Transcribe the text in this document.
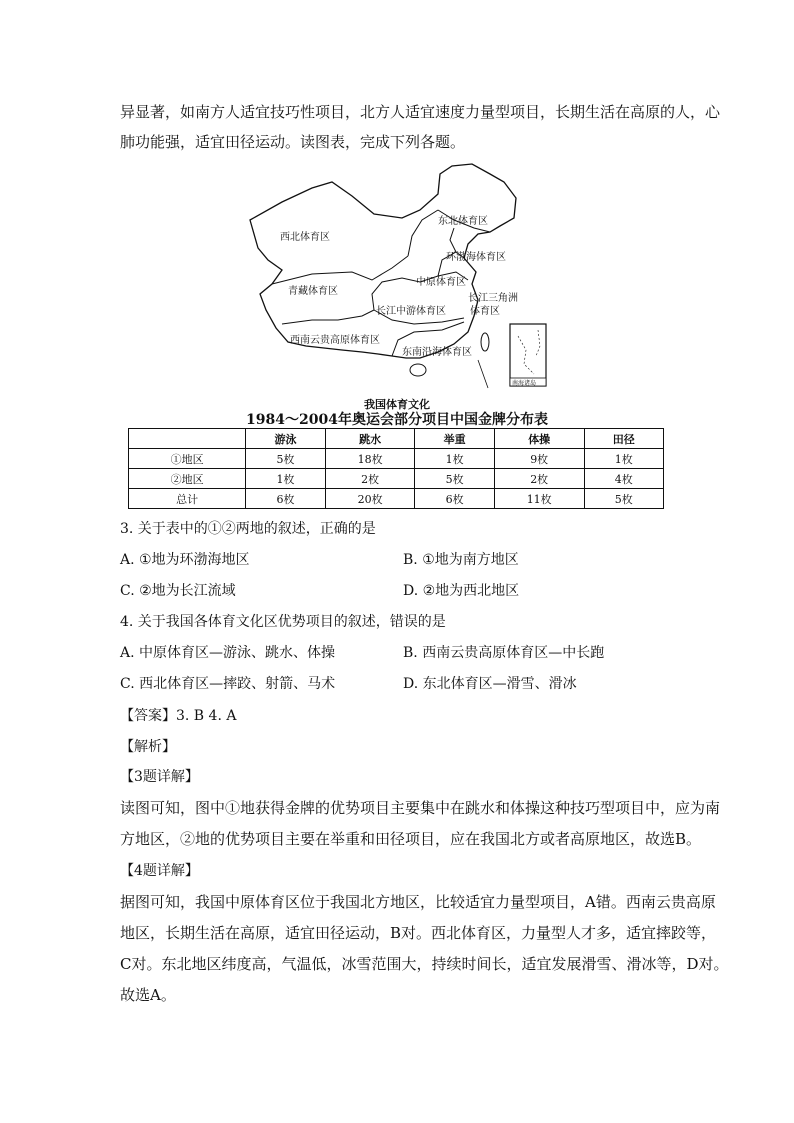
异显著，如南方人适宜技巧性项目，北方人适宜速度力量型项目，长期生活在高原的人，心
肺功能强，适宜田径运动。读图表，完成下列各题。
南海诸岛
西北体育区
东北体育区
环渤海体育区
青藏体育区
中原体育区
长江中游体育区
长江三角洲
体育区
西南云贵高原体育区
东南沿海体育区
我国体育文化
1984～2004年奥运会部分项目中国金牌分布表
	游泳	跳水	举重	体操	田径
①地区	5枚	18枚	1枚	9枚	1枚
②地区	1枚	2枚	5枚	2枚	4枚
总计	6枚	20枚	6枚	11枚	5枚
3. 关于表中的①②两地的叙述，正确的是
A. ①地为环渤海地区	B. ①地为南方地区
C. ②地为长江流域	D. ②地为西北地区
4. 关于我国各体育文化区优势项目的叙述，错误的是
A. 中原体育区—游泳、跳水、体操	B. 西南云贵高原体育区—中长跑
C. 西北体育区—摔跤、射箭、马术	D. 东北体育区—滑雪、滑冰
【答案】3. B 4. A
【解析】
【3题详解】
读图可知，图中①地获得金牌的优势项目主要集中在跳水和体操这种技巧型项目中，应为南
方地区，②地的优势项目主要在举重和田径项目，应在我国北方或者高原地区，故选B。
【4题详解】
据图可知，我国中原体育区位于我国北方地区，比较适宜力量型项目，A错。西南云贵高原
地区，长期生活在高原，适宜田径运动，B对。西北体育区，力量型人才多，适宜摔跤等，
C对。东北地区纬度高，气温低，冰雪范围大，持续时间长，适宜发展滑雪、滑冰等，D对。
故选A。
